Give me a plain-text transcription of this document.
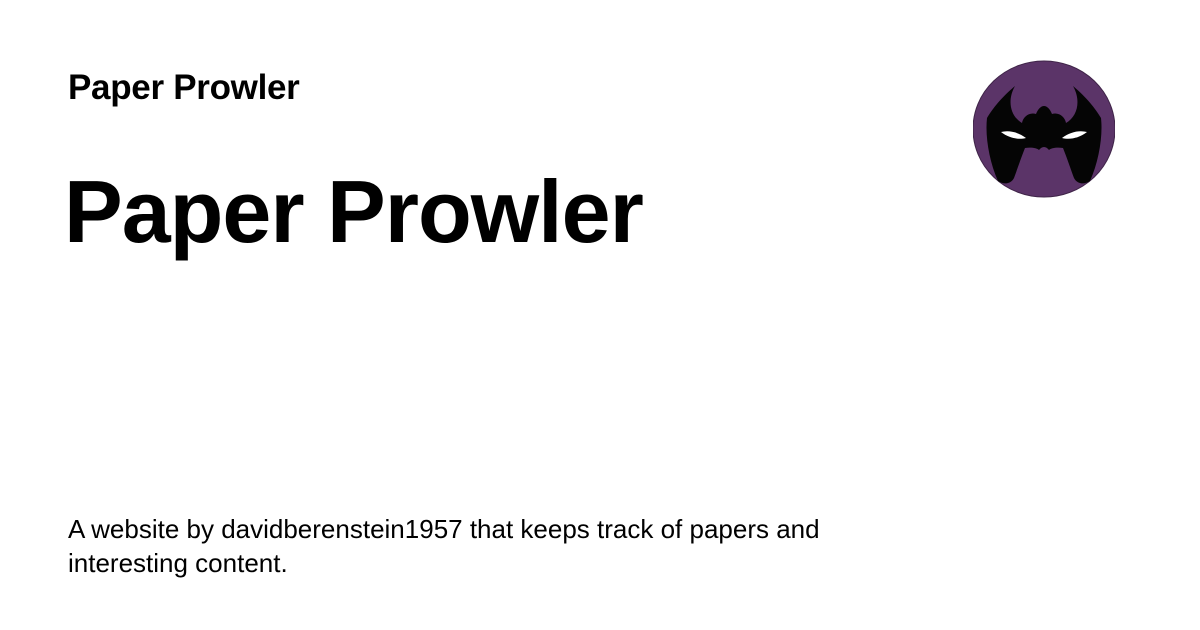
Paper Prowler
Paper Prowler

A website by davidberenstein1957 that keeps track of papers and interesting content.
